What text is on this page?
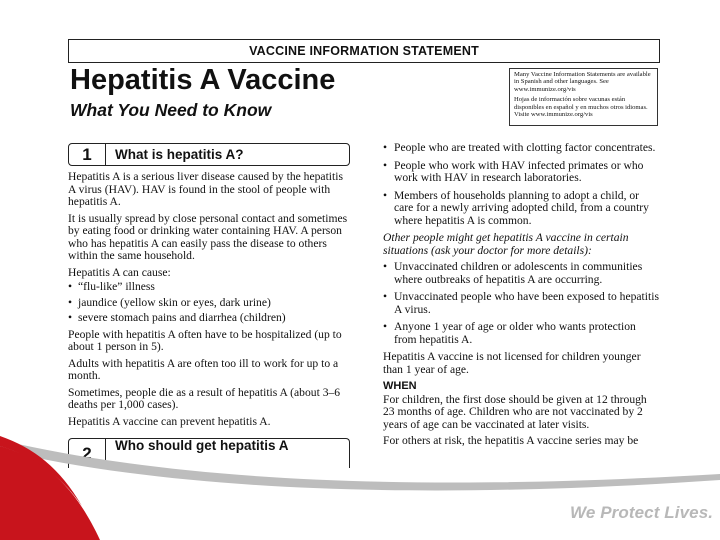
VACCINE INFORMATION STATEMENT
Hepatitis A Vaccine
What You Need to Know

Many Vaccine Information Statements are available in Spanish and other languages. See www.immunize.org/vis

Hojas de información sobre vacunas están disponibles en español y en muchos otros idiomas. Visite www.immunize.org/vis

1	What is hepatitis A?

Hepatitis A is a serious liver disease caused by the hepatitis A virus (HAV). HAV is found in the stool of people with hepatitis A.

It is usually spread by close personal contact and sometimes by eating food or drinking water containing HAV. A person who has hepatitis A can easily pass the disease to others within the same household.

Hepatitis A can cause:

• “flu-like” illness
• jaundice (yellow skin or eyes, dark urine)
• severe stomach pains and diarrhea (children)

People with hepatitis A often have to be hospitalized (up to about 1 person in 5).

Adults with hepatitis A are often too ill to work for up to a month.

Sometimes, people die as a result of hepatitis A (about 3–6 deaths per 1,000 cases).

Hepatitis A vaccine can prevent hepatitis A.

2	Who should get hepatitis A
• People who are treated with clotting factor concentrates.
• People who work with HAV infected primates or who work with HAV in research laboratories.
• Members of households planning to adopt a child, or care for a newly arriving adopted child, from a country where hepatitis A is common.

Other people might get hepatitis A vaccine in certain situations (ask your doctor for more details):

• Unvaccinated children or adolescents in communities where outbreaks of hepatitis A are occurring.
• Unvaccinated people who have been exposed to hepatitis A virus.
• Anyone 1 year of age or older who wants protection from hepatitis A.

Hepatitis A vaccine is not licensed for children younger than 1 year of age.

WHEN

For children, the first dose should be given at 12 through 23 months of age. Children who are not vaccinated by 2 years of age can be vaccinated at later visits.

For others at risk, the hepatitis A vaccine series may be

We Protect Lives.
